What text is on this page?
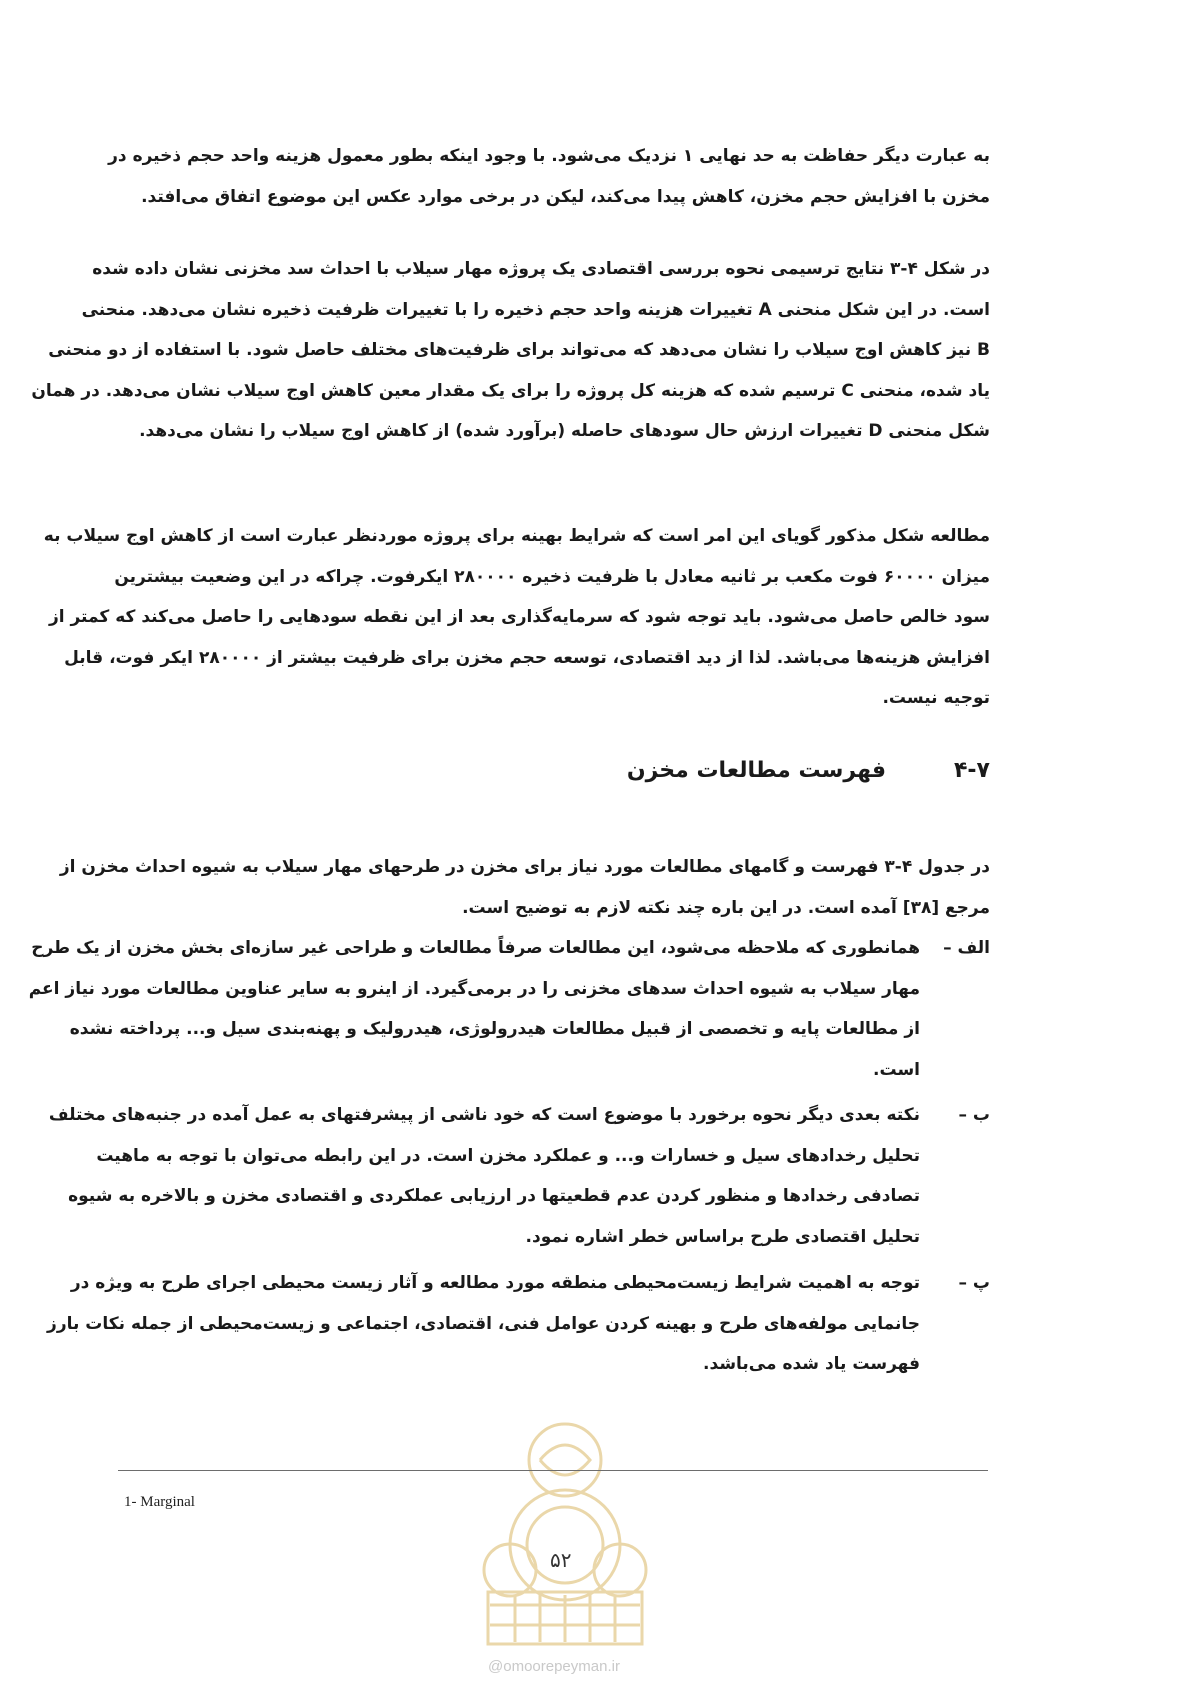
به عبارت دیگر حفاظت به حد نهایی ۱ نزدیک می‌شود. با وجود اینکه بطور معمول هزینه واحد حجم ذخیره در
مخزن با افزایش حجم مخزن، کاهش پیدا می‌کند، لیکن در برخی موارد عکس این موضوع اتفاق می‌افتد.
در شکل ۴-۳ نتایج ترسیمی نحوه بررسی اقتصادی یک پروژه مهار سیلاب با احداث سد مخزنی نشان داده شده
است. در این شکل منحنی A تغییرات هزینه واحد حجم ذخیره را با تغییرات ظرفیت ذخیره نشان می‌دهد. منحنی
B نیز کاهش اوج سیلاب را نشان می‌دهد که می‌تواند برای ظرفیت‌های مختلف حاصل شود. با استفاده از دو منحنی
یاد شده، منحنی C ترسیم شده که هزینه کل پروژه را برای یک مقدار معین کاهش اوج سیلاب نشان می‌دهد. در همان
شکل منحنی D تغییرات ارزش حال سودهای حاصله (برآورد شده) از کاهش اوج سیلاب را نشان می‌دهد.
مطالعه شکل مذکور گویای این امر است که شرایط بهینه برای پروژه موردنظر عبارت است از کاهش اوج سیلاب به
میزان ۶۰۰۰۰ فوت مکعب بر ثانیه معادل با ظرفیت ذخیره ۲۸۰۰۰۰ ایکرفوت. چراکه در این وضعیت بیشترین
سود خالص حاصل می‌شود. باید توجه شود که سرمایه‌گذاری بعد از این نقطه سودهایی را حاصل می‌کند که کمتر از
افزایش هزینه‌ها می‌باشد. لذا از دید اقتصادی، توسعه حجم مخزن برای ظرفیت بیشتر از ۲۸۰۰۰۰ ایکر فوت، قابل
توجیه نیست.
۴-۷فهرست مطالعات مخزن
در جدول ۴-۳ فهرست و گامهای مطالعات مورد نیاز برای مخزن در طرحهای مهار سیلاب به شیوه احداث مخزن از
مرجع [۳۸] آمده است. در این باره چند نکته لازم به توضیح است.
الف –
همانطوری که ملاحظه می‌شود، این مطالعات صرفاً مطالعات و طراحی غیر سازه‌ای بخش مخزن از یک طرح
مهار سیلاب به شیوه احداث سدهای مخزنی را در برمی‌گیرد. از اینرو به سایر عناوین مطالعات مورد نیاز اعم
از مطالعات پایه و تخصصی از قبیل مطالعات هیدرولوژی، هیدرولیک و پهنه‌بندی سیل و... پرداخته نشده
است.
ب –
نکته بعدی دیگر نحوه برخورد با موضوع است که خود ناشی از پیشرفتهای به عمل آمده در جنبه‌های مختلف
تحلیل رخدادهای سیل و خسارات و... و عملکرد مخزن است. در این رابطه می‌توان با توجه به ماهیت
تصادفی رخدادها و منظور کردن عدم قطعیتها در ارزیابی عملکردی و اقتصادی مخزن و بالاخره به شیوه
تحلیل اقتصادی طرح براساس خطر اشاره نمود.
پ –
توجه به اهمیت شرایط زیست‌محیطی منطقه مورد مطالعه و آثار زیست محیطی اجرای طرح به ویژه در
جانمایی مولفه‌های طرح و بهینه کردن عوامل فنی، اقتصادی، اجتماعی و زیست‌محیطی از جمله نکات بارز
فهرست یاد شده می‌باشد.
1- Marginal
۵۲
@omoorepeyman.ir
